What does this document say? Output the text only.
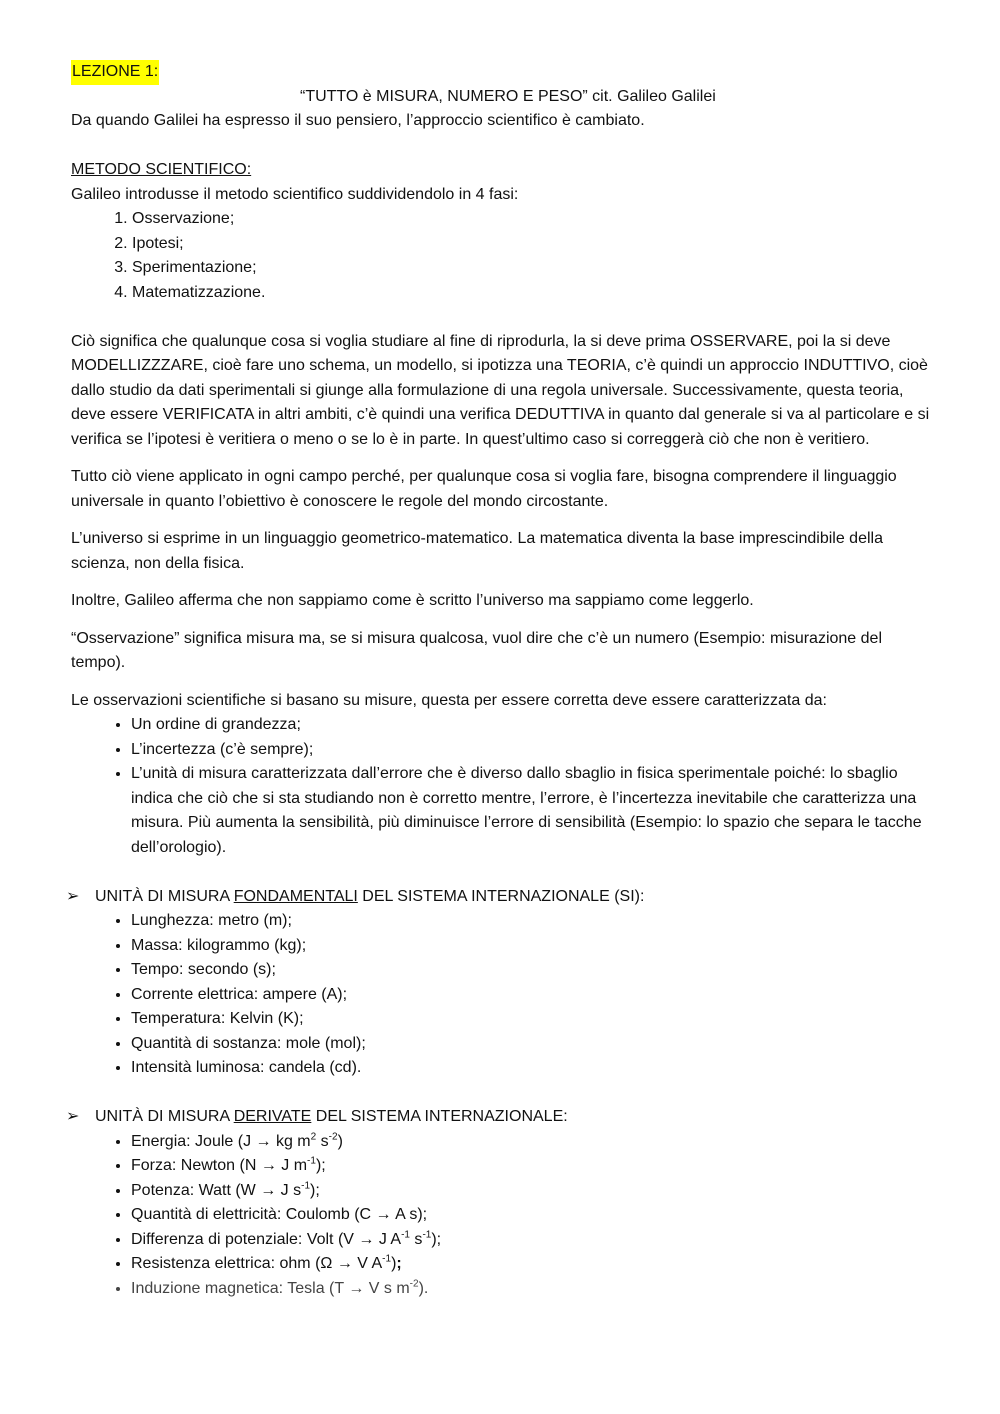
LEZIONE 1:
“TUTTO è MISURA, NUMERO E PESO” cit. Galileo Galilei
Da quando Galilei ha espresso il suo pensiero, l’approccio scientifico è cambiato.
METODO SCIENTIFICO:
Galileo introdusse il metodo scientifico suddividendolo in 4 fasi:
1. Osservazione;
2. Ipotesi;
3. Sperimentazione;
4. Matematizzazione.

Ciò significa che qualunque cosa si voglia studiare al fine di riprodurla, la si deve prima OSSERVARE, poi la si deve MODELLIZZZARE, cioè fare uno schema, un modello, si ipotizza una TEORIA, c’è quindi un approccio INDUTTIVO, cioè dallo studio da dati sperimentali si giunge alla formulazione di una regola universale. Successivamente, questa teoria, deve essere VERIFICATA in altri ambiti, c’è quindi una verifica DEDUTTIVA in quanto dal generale si va al particolare e si verifica se l’ipotesi è veritiera o meno o se lo è in parte. In quest’ultimo caso si correggerà ciò che non è veritiero.

Tutto ciò viene applicato in ogni campo perché, per qualunque cosa si voglia fare, bisogna comprendere il linguaggio universale in quanto l’obiettivo è conoscere le regole del mondo circostante.

L’universo si esprime in un linguaggio geometrico-matematico. La matematica diventa la base imprescindibile della scienza, non della fisica.

Inoltre, Galileo afferma che non sappiamo come è scritto l’universo ma sappiamo come leggerlo.

“Osservazione” significa misura ma, se si misura qualcosa, vuol dire che c’è un numero (Esempio: misurazione del tempo).

Le osservazioni scientifiche si basano su misure, questa per essere corretta deve essere caratterizzata da:
• Un ordine di grandezza;
• L’incertezza (c’è sempre);
• L’unità di misura caratterizzata dall’errore che è diverso dallo sbaglio in fisica sperimentale poiché: lo sbaglio indica che ciò che si sta studiando non è corretto mentre, l’errore, è l’incertezza inevitabile che caratterizza una misura. Più aumenta la sensibilità, più diminuisce l’errore di sensibilità (Esempio: lo spazio che separa le tacche dell’orologio).
➢ UNITÀ DI MISURA FONDAMENTALI DEL SISTEMA INTERNAZIONALE (SI):
• Lunghezza: metro (m);
• Massa: kilogrammo (kg);
• Tempo: secondo (s);
• Corrente elettrica: ampere (A);
• Temperatura: Kelvin (K);
• Quantità di sostanza: mole (mol);
• Intensità luminosa: candela (cd).
➢ UNITÀ DI MISURA DERIVATE DEL SISTEMA INTERNAZIONALE:
• Energia: Joule (J → kg $m^2$ $s^{-2}$)
• Forza: Newton (N → J $m^{-1}$);
• Potenza: Watt (W → J $s^{-1}$);
• Quantità di elettricità: Coulomb (C → A s);
• Differenza di potenziale: Volt (V → J $A^{-1}$ $s^{-1}$);
• Resistenza elettrica: ohm (Ω → V $A^{-1}$);
• Induzione magnetica: Tesla (T → V s $m^{-2}$).
